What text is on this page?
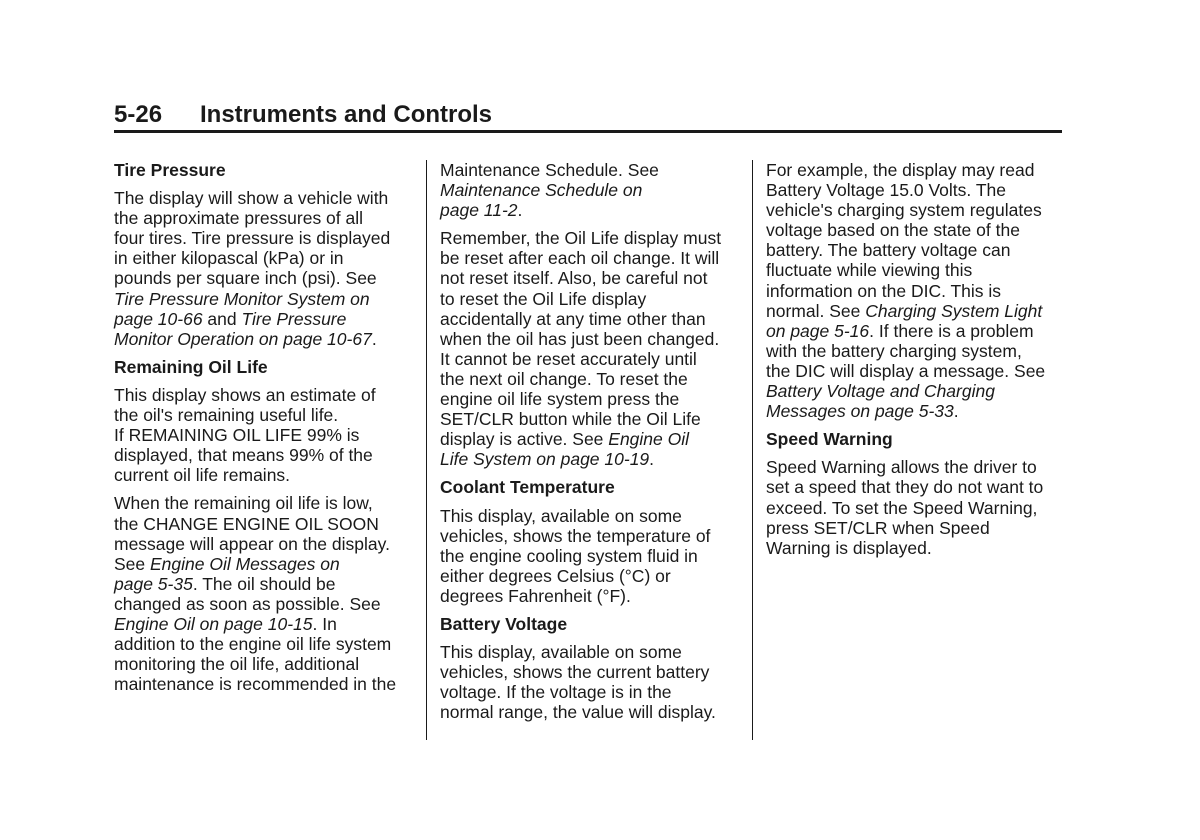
5-26 Instruments and Controls
Tire Pressure

The display will show a vehicle with
the approximate pressures of all
four tires. Tire pressure is displayed
in either kilopascal (kPa) or in
pounds per square inch (psi). See
Tire Pressure Monitor System on
page 10-66 and Tire Pressure
Monitor Operation on page 10-67.

Remaining Oil Life

This display shows an estimate of
the oil's remaining useful life.
If REMAINING OIL LIFE 99% is
displayed, that means 99% of the
current oil life remains.

When the remaining oil life is low,
the CHANGE ENGINE OIL SOON
message will appear on the display.
See Engine Oil Messages on
page 5-35. The oil should be
changed as soon as possible. See
Engine Oil on page 10-15. In
addition to the engine oil life system
monitoring the oil life, additional
maintenance is recommended in the

Maintenance Schedule. See
Maintenance Schedule on
page 11-2.

Remember, the Oil Life display must
be reset after each oil change. It will
not reset itself. Also, be careful not
to reset the Oil Life display
accidentally at any time other than
when the oil has just been changed.
It cannot be reset accurately until
the next oil change. To reset the
engine oil life system press the
SET/CLR button while the Oil Life
display is active. See Engine Oil
Life System on page 10-19.

Coolant Temperature

This display, available on some
vehicles, shows the temperature of
the engine cooling system fluid in
either degrees Celsius (°C) or
degrees Fahrenheit (°F).

Battery Voltage

This display, available on some
vehicles, shows the current battery
voltage. If the voltage is in the
normal range, the value will display.

For example, the display may read
Battery Voltage 15.0 Volts. The
vehicle's charging system regulates
voltage based on the state of the
battery. The battery voltage can
fluctuate while viewing this
information on the DIC. This is
normal. See Charging System Light
on page 5-16. If there is a problem
with the battery charging system,
the DIC will display a message. See
Battery Voltage and Charging
Messages on page 5-33.

Speed Warning

Speed Warning allows the driver to
set a speed that they do not want to
exceed. To set the Speed Warning,
press SET/CLR when Speed
Warning is displayed.
